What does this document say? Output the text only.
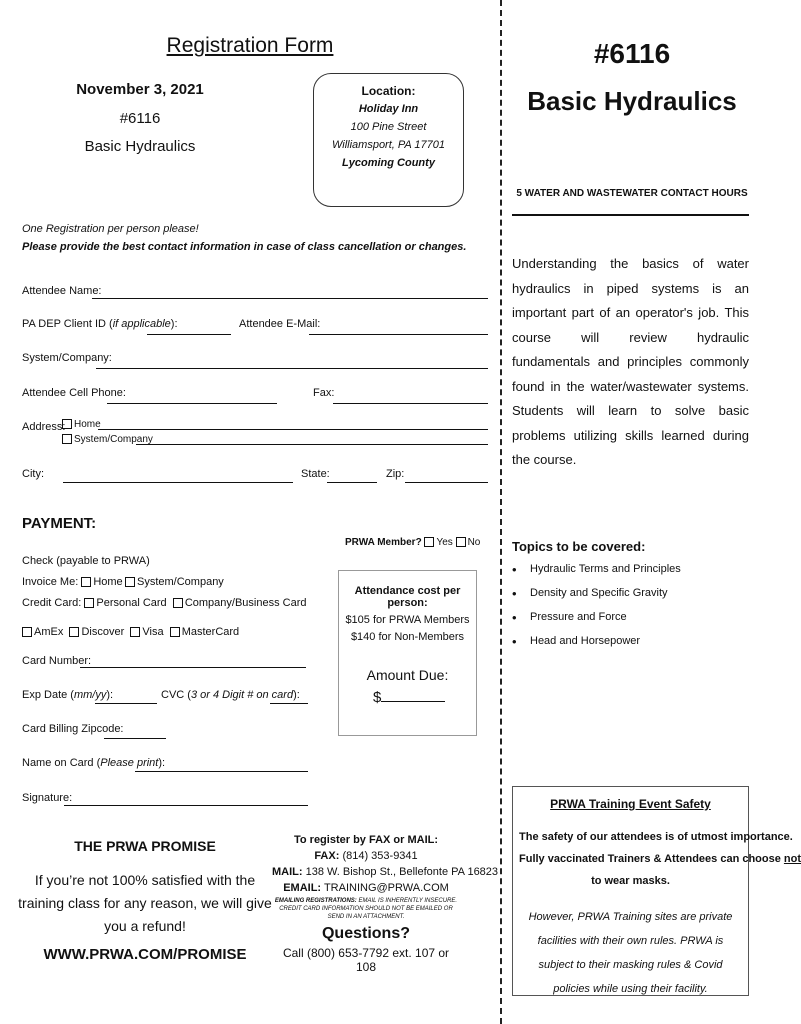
Registration Form
November 3, 2021
#6116
Basic Hydraulics
Location:
Holiday Inn
100 Pine Street
Williamsport, PA 17701
Lycoming County
One Registration per person please!
Please provide the best contact information in case of class cancellation or changes.
Attendee Name:
PA DEP Client ID (if applicable):	Attendee E-Mail:
System/Company:
Attendee Cell Phone:	Fax:
Address: Home
System/Company
City:	State:	Zip:
PAYMENT:
PRWA Member? Yes No
Check (payable to PRWA)
Invoice Me: Home	System/Company
Credit Card: Personal Card Company/Business Card
AmEx Discover Visa MasterCard
Card Number:
Exp Date (mm/yy):	CVC (3 or 4 Digit # on card):
Card Billing Zipcode:
Name on Card (Please print):
Signature:
Attendance cost per person:
$105 for PRWA Members
$140 for Non-Members
Amount Due:
$
THE PRWA PROMISE
If you’re not 100% satisfied with the
training class for any reason, we will give
you a refund!
WWW.PRWA.COM/PROMISE
To register by FAX or MAIL:
FAX: (814) 353-9341
MAIL: 138 W. Bishop St., Bellefonte PA 16823
EMAIL: TRAINING@PRWA.COM
EMAILING REGISTRATIONS: EMAIL IS INHERENTLY INSECURE. CREDIT CARD INFORMATION SHOULD NOT BE EMAILED OR SEND IN AN ATTACHMENT.
Questions?
Call (800) 653-7792 ext. 107 or 108
#6116
Basic Hydraulics
5 WATER AND WASTEWATER CONTACT HOURS
Understanding the basics of water hydraulics in piped systems is an important part of an operator's job. This course will review hydraulic fundamentals and principles commonly found in the water/wastewater systems. Students will learn to solve basic problems utilizing skills learned during the course.
Topics to be covered:
• Hydraulic Terms and Principles
• Density and Specific Gravity
• Pressure and Force
• Head and Horsepower
PRWA Training Event Safety
The safety of our attendees is of utmost importance.
Fully vaccinated Trainers & Attendees can choose not
to wear masks.
However, PRWA Training sites are private facilities with their own rules. PRWA is subject to their masking rules & Covid policies while using their facility.
